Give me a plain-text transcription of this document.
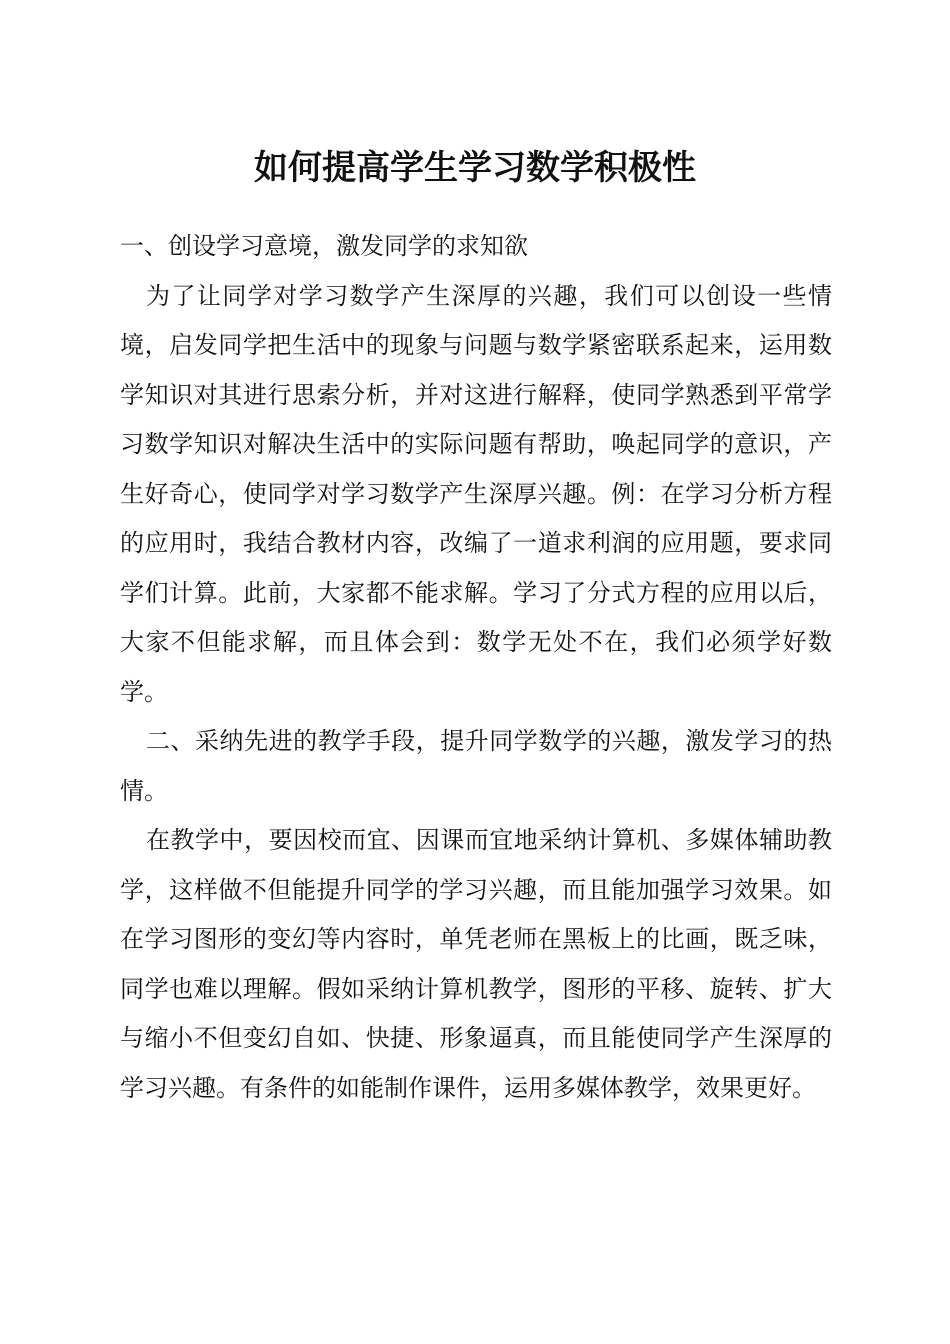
如何提高学生学习数学积极性

一、创设学习意境，激发同学的求知欲

为了让同学对学习数学产生深厚的兴趣，我们可以创设一些情境，启发同学把生活中的现象与问题与数学紧密联系起来，运用数学知识对其进行思索分析，并对这进行解释，使同学熟悉到平常学习数学知识对解决生活中的实际问题有帮助，唤起同学的意识，产生好奇心，使同学对学习数学产生深厚兴趣。例：在学习分析方程的应用时，我结合教材内容，改编了一道求利润的应用题，要求同学们计算。此前，大家都不能求解。学习了分式方程的应用以后，大家不但能求解，而且体会到：数学无处不在，我们必须学好数学。

二、采纳先进的教学手段，提升同学数学的兴趣，激发学习的热情。

在教学中，要因校而宜、因课而宜地采纳计算机、多媒体辅助教学，这样做不但能提升同学的学习兴趣，而且能加强学习效果。如在学习图形的变幻等内容时，单凭老师在黑板上的比画，既乏味，同学也难以理解。假如采纳计算机教学，图形的平移、旋转、扩大与缩小不但变幻自如、快捷、形象逼真，而且能使同学产生深厚的学习兴趣。有条件的如能制作课件，运用多媒体教学，效果更好。
